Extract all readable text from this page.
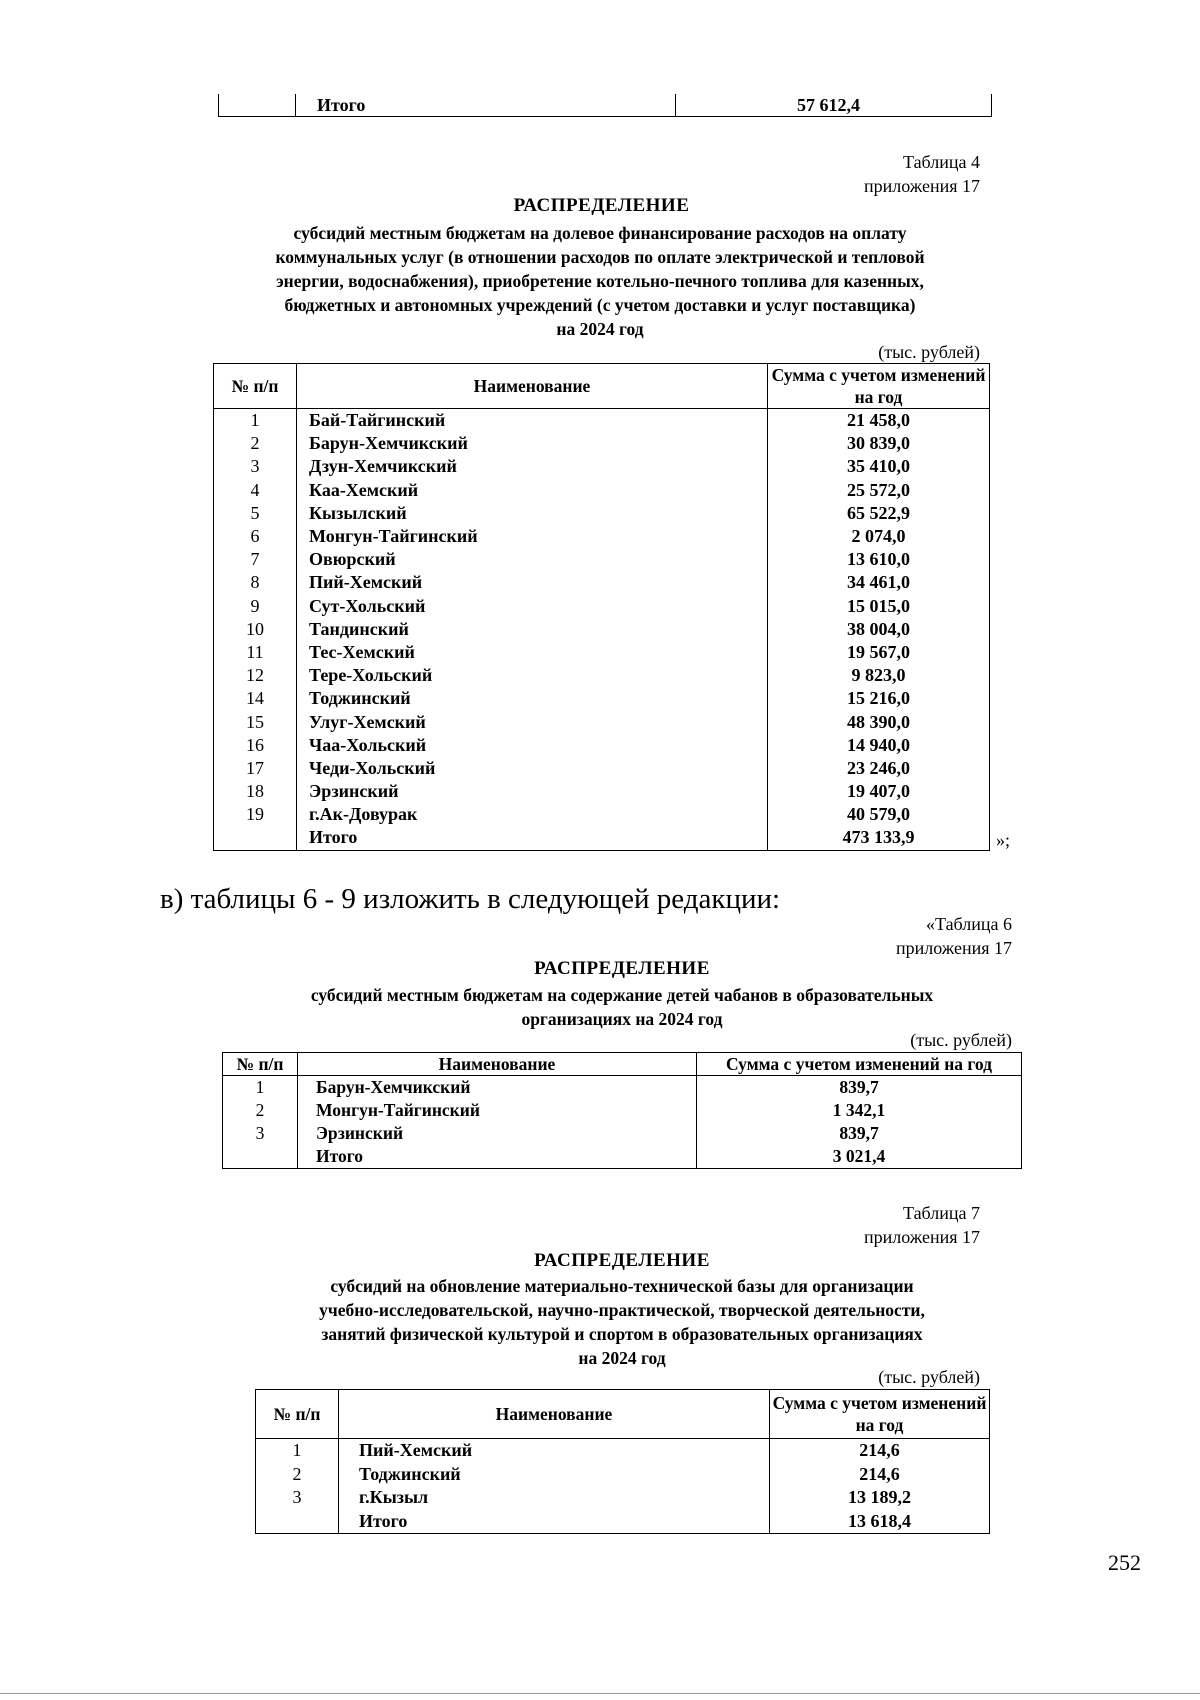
Итого	57 612,4
Таблица 4
приложения 17
РАСПРЕДЕЛЕНИЕ
субсидий местным бюджетам на долевое финансирование расходов на оплату
коммунальных услуг (в отношении расходов по оплате электрической и тепловой
энергии, водоснабжения), приобретение котельно-печного топлива для казенных,
бюджетных и автономных учреждений (с учетом доставки и услуг поставщика)
на 2024 год
(тыс. рублей)
№ п/п	Наименование	Сумма с учетом изменений на год
1	Бай-Тайгинский	21 458,0
2	Барун-Хемчикский	30 839,0
3	Дзун-Хемчикский	35 410,0
4	Каа-Хемский	25 572,0
5	Кызылский	65 522,9
6	Монгун-Тайгинский	2 074,0
7	Овюрский	13 610,0
8	Пий-Хемский	34 461,0
9	Сут-Хольский	15 015,0
10	Тандинский	38 004,0
11	Тес-Хемский	19 567,0
12	Тере-Хольский	9 823,0
14	Тоджинский	15 216,0
15	Улуг-Хемский	48 390,0
16	Чаа-Хольский	14 940,0
17	Чеди-Хольский	23 246,0
18	Эрзинский	19 407,0
19	г.Ак-Довурак	40 579,0
	Итого	473 133,9	»;
в) таблицы 6 - 9 изложить в следующей редакции:
«Таблица 6
приложения 17
РАСПРЕДЕЛЕНИЕ
субсидий местным бюджетам на содержание детей чабанов в образовательных
организациях на 2024 год
(тыс. рублей)
№ п/п	Наименование	Сумма с учетом изменений на год
1	Барун-Хемчикский	839,7
2	Монгун-Тайгинский	1 342,1
3	Эрзинский	839,7
	Итого	3 021,4
Таблица 7
приложения 17
РАСПРЕДЕЛЕНИЕ
субсидий на обновление материально-технической базы для организации
учебно-исследовательской, научно-практической, творческой деятельности,
занятий физической культурой и спортом в образовательных организациях
на 2024 год
(тыс. рублей)
№ п/п	Наименование	Сумма с учетом изменений на год
1	Пий-Хемский	214,6
2	Тоджинский	214,6
3	г.Кызыл	13 189,2
	Итого	13 618,4
252
